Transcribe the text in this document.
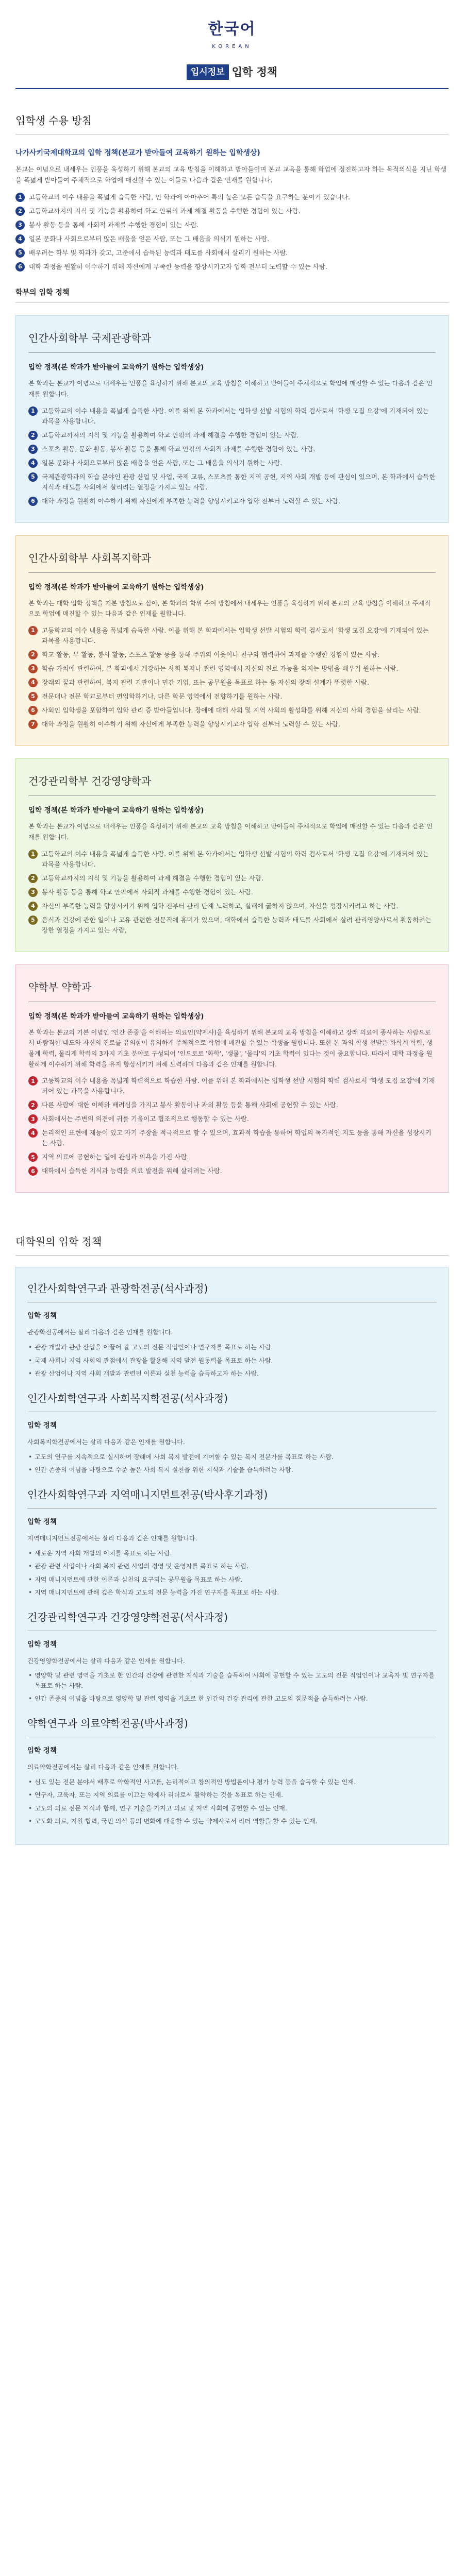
한국어
KOREAN
입시정보 입학 정책
입학생 수용 방침
나가사키국제대학교의 입학 정책(본교가 받아들여 교육하기 원하는 입학생상)
본교는 이념으로 내세우는 인풍을 육성하기 위해 본교의 교육 방침을 이해하고 받아들이며 본교 교육을 통해 학업에 정진하고자 하는 목적의식을 지닌 학생을 폭넓게 받아들여 주체적으로 학업에 매진할 수 있는 이들로 다음과 같은 인재를 원합니다.
1	고등학교의 이수 내용을 폭넓게 습득한 사람, 인 학과에 아마추어 특의 높은 모든 습득을 요구하는 분이기 있습니다.
2	고등학교까지의 지식 및 기능을 활용하여 학교 안뒤의 과제 해결 활동을 수행한 경험이 있는 사람.
3	봉사 활동 등을 통해 사회적 과제를 수행한 경험이 있는 사람.
4	일본 문화나 사회으로부터 많은 배움을 얻은 사람, 또는 그 배움을 의식기 원하는 사람.
5	배우려는 학부 및 학과가 갖고, 고준에서 습득된 능력과 태도를 사회에서 살리기 원하는 사람.
6	대학 과정을 원활히 이수하기 위해 자신에게 부족한 능력을 향상시키고자 입학 전부터 노력할 수 있는 사람.
학부의 입학 정책
인간사회학부 국제관광학과
입학 정책(본 학과가 받아들여 교육하기 원하는 입학생상)
본 학과는 본교가 이념으로 내세우는 인풍을 육성하기 위해 본교의 교육 방침을 이해하고 받아들여 주체적으로 학업에 매진할 수 있는 다음과 같은 인재를 원합니다.
1	고등학교의 이수 내용을 폭넓게 습득한 사람. 이를 위해 본 학과에서는 입학생 선발 시험의 학력 검사로서 '학생 모집 요강'에 기재되어 있는 과목을 사용합니다.
2	고등학교까지의 지식 및 기능을 활용하여 학교 안팎의 과제 해결을 수행한 경험이 있는 사람.
3	스포츠 활동, 문화 활동, 봉사 활동 등을 통해 학교 안팎의 사회적 과제를 수행한 경험이 있는 사람.
4	일본 문화나 사회으로부터 많은 배움을 얻은 사람, 또는 그 배움을 의식기 원하는 사람.
5	국제관광학과의 학습 분야인 관광 산업 및 사업, 국제 교류, 스포츠를 통한 지역 공헌, 지역 사회 개발 등에 관심이 있으며, 본 학과에서 습득한 지식과 태도를 사회에서 살리려는 열정을 가지고 있는 사람.
6	대학 과정을 원활히 이수하기 위해 자신에게 부족한 능력을 향상시키고자 입학 전부터 노력할 수 있는 사람.
인간사회학부 사회복지학과
입학 정책(본 학과가 받아들여 교육하기 원하는 입학생상)
본 학과는 대학 입학 정책을 기본 방침으로 삼아, 본 학과의 학위 수여 방침에서 내세우는 인풍을 육성하기 위해 본교의 교육 방침을 이해하고 주체적으로 학업에 매진할 수 있는 다음과 같은 인재를 원합니다.
1	고등학교의 이수 내용을 폭넓게 습득한 사람. 이를 위해 본 학과에서는 입학생 선발 시험의 학력 검사로서 '학생 모집 요강'에 기재되어 있는 과목을 사용합니다.
2	학교 활동, 부 활동, 봉사 활동, 스포츠 활동 등을 통해 주위의 이웃이나 친구와 협력하여 과제를 수행한 경험이 있는 사람.
3	학습 가치에 관련하여, 본 학과에서 개강하는 사회 복지나 관련 영역에서 자신의 진로 가능을 의지는 방법을 배우기 원하는 사람.
4	장래의 꿈과 관련하여, 복지 관련 기관이나 민간 기업, 또는 공무원을 목표로 하는 등 자신의 장래 설계가 뚜렷한 사람.
5	전문대나 전문 학교로부터 편입학하거나, 다른 학문 영역에서 전향하기를 원하는 사람.
6	사회인 입학생을 포함하여 입학 관리 증 받아들입니다. 장애에 대해 사회 및 지역 사회의 활성화를 위해 지신의 사회 경험을 살리는 사람.
7	대학 과정을 원활히 이수하기 위해 자신에게 부족한 능력을 향상시키고자 입학 전부터 노력할 수 있는 사람.
건강관리학부 건강영양학과
입학 정책(본 학과가 받아들여 교육하기 원하는 입학생상)
본 학과는 본교가 이념으로 내세우는 인풍을 육성하기 위해 본교의 교육 방침을 이해하고 받아들여 주체적으로 학업에 매진할 수 있는 다음과 같은 인재를 원합니다.
1	고등학교의 이수 내용을 폭넓게 습득한 사람. 이를 위해 본 학과에서는 입학생 선발 시험의 학력 검사로서 '학생 모집 요강'에 기재되어 있는 과목을 사용합니다.
2	고등학교까지의 지식 및 기능을 활용하여 과제 해결을 수행한 경험이 있는 사람.
3	봉사 활동 등을 통해 학교 안팎에서 사회적 과제를 수행한 경험이 있는 사람.
4	자신의 부족한 능력을 향상시키기 위해 입학 전부터 관리 단계 노력하고, 실패에 굴하지 않으며, 자신을 성장시키려고 하는 사람.
5	음식과 건강에 관한 일이나 고유 관련한 전문직에 흥미가 있으며, 대학에서 습득한 능력과 태도를 사회에서 살려 관리영양사로서 활동하려는 장한 열정을 가지고 있는 사람.
약학부 약학과
입학 정책(본 학과가 받아들여 교육하기 원하는 입학생상)
본 학과는 본교의 기본 이념인 '인간 존중'을 이해하는 의료인(약제사)을 육성하기 위해 본교의 교육 방침을 이해하고 장래 의료에 종사하는 사람으로서 바람직한 태도와 자신의 진로를 유의함이 유의하게 주체적으로 학업에 매진할 수 있는 학생을 원합니다. 또한 본 과의 학생 선발은 화학계 학력, 생물계 학력, 물리계 학력의 3가지 기초 분야로 구성되어 '인으로로 '화학', '생물', '물리'의 기초 학력이 있다는 것이 중요합니다. 따라서 대학 과정을 원활하게 이수하기 위해 학력을 유지 향상시키기 위해 노력하며 다음과 같은 인재를 원합니다.
1	고등학교의 이수 내용을 폭넓게 학력적으로 학습한 사람. 이를 위해 본 학과에서는 입학생 선발 시험의 학력 검사로서 '학생 모집 요강'에 기재되어 있는 과목을 사용합니다.
2	다른 사람에 대한 이해와 배려심을 가지고 봉사 활동이나 과외 활동 등을 통해 사회에 공헌할 수 있는 사람.
3	사회에서는 주변의 의견에 귀를 기울이고 협조적으로 행동할 수 있는 사람.
4	논리적인 표현에 재능이 있고 자기 주장을 적극적으로 할 수 있으며, 효과적 학습을 통하여 학업의 독자적인 지도 등을 통해 자신을 성장시키는 사람.
5	지역 의료에 공헌하는 일에 관심과 의욕을 가진 사람.
6	대학에서 습득한 지식과 능력을 의료 발전을 위해 살리려는 사람.
대학원의 입학 정책
인간사회학연구과 관광학전공(석사과정)
입학 정책
관광학전공에서는 살리 다음과 같은 인재를 원합니다.
• 관광 개발과 관광 산업을 이끌어 갈 고도의 전문 직업인이나 연구자를 목표로 하는 사람.
• 국제 사회나 지역 사회의 관점에서 관광을 활용해 지역 발전 원동력을 목표로 하는 사람.
• 관광 산업이나 지역 사회 개발과 관련된 이론과 실천 능력을 습득하고자 하는 사람.
인간사회학연구과 사회복지학전공(석사과정)
입학 정책
사회복지학전공에서는 살리 다음과 같은 인재를 원합니다.
• 고도의 연구를 지속적으로 실시하여 장래에 사회 복지 발전에 기여할 수 있는 복지 전문가를 목표로 하는 사람.
• 인간 존중의 이념을 바탕으로 수준 높은 사회 복지 실천을 위한 지식과 기술을 습득하려는 사람.
인간사회학연구과 지역매니지먼트전공(박사후기과정)
입학 정책
지역매니지먼트전공에서는 살리 다음과 같은 인재를 원합니다.
• 새로운 지역 사회 개발의 이치를 목표로 하는 사람.
• 관광 관련 사업이나 사회 복지 관련 사업의 경영 및 운영자를 목표로 하는 사람.
• 지역 매니지먼트에 관한 이론과 실천의 요구되는 공무원을 목표로 하는 사람.
• 지역 매니지먼트에 관해 깊은 학식과 고도의 전문 능력을 가진 연구자를 목표로 하는 사람.
건강관리학연구과 건강영양학전공(석사과정)
입학 정책
건강영양학전공에서는 살리 다음과 같은 인재를 원합니다.
• 영양학 및 관련 영역을 기초로 한 인간의 건강에 관련한 지식과 기술을 습득하여 사회에 공헌할 수 있는 고도의 전문 직업인이나 교육자 및 연구자를 목표로 하는 사람.
• 인간 존중의 이념을 바탕으로 영양학 및 관련 영역을 기초로 한 인간의 건강 관리에 관한 고도의 질문적을 습득하려는 사람.
약학연구과 의료약학전공(박사과정)
입학 정책
의료약학전공에서는 살리 다음과 같은 인재를 원합니다.
• 심도 있는 전문 분야서 배후로 약학적인 사고를, 논리적이고 창의적인 방법론이나 평가 능력 등을 습득할 수 있는 인재.
• 연구자, 교육자, 또는 지역 의료를 이끄는 약제사 리더로서 활약하는 것을 목표로 하는 인재.
• 고도의 의료 전문 지식과 함께, 연구 기술을 가지고 의료 및 지역 사회에 공헌할 수 있는 인재.
• 고도화 의료, 지원 협력, 국민 의식 등의 변화에 대응할 수 있는 약제사로서 리더 역할을 할 수 있는 인재.
